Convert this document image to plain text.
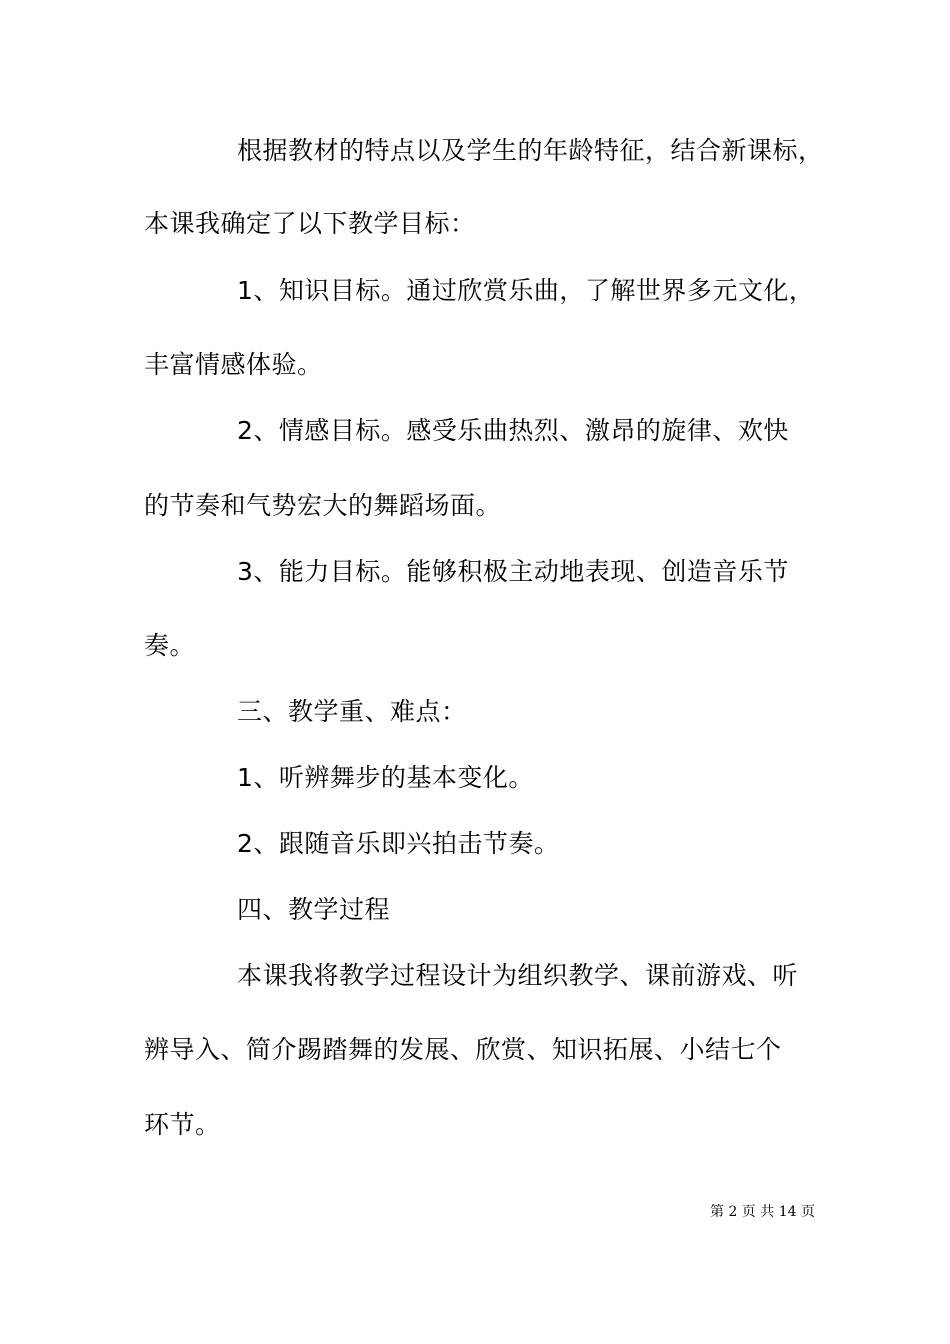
根据教材的特点以及学生的年龄特征，结合新课标，
本课我确定了以下教学目标：
1、知识目标。通过欣赏乐曲，了解世界多元文化，
丰富情感体验。
2、情感目标。感受乐曲热烈、激昂的旋律、欢快
的节奏和气势宏大的舞蹈场面。
3、能力目标。能够积极主动地表现、创造音乐节
奏。
三、教学重、难点：
1、听辨舞步的基本变化。
2、跟随音乐即兴拍击节奏。
四、教学过程
本课我将教学过程设计为组织教学、课前游戏、听
辨导入、简介踢踏舞的发展、欣赏、知识拓展、小结七个
环节。
第 2 页 共 14 页
